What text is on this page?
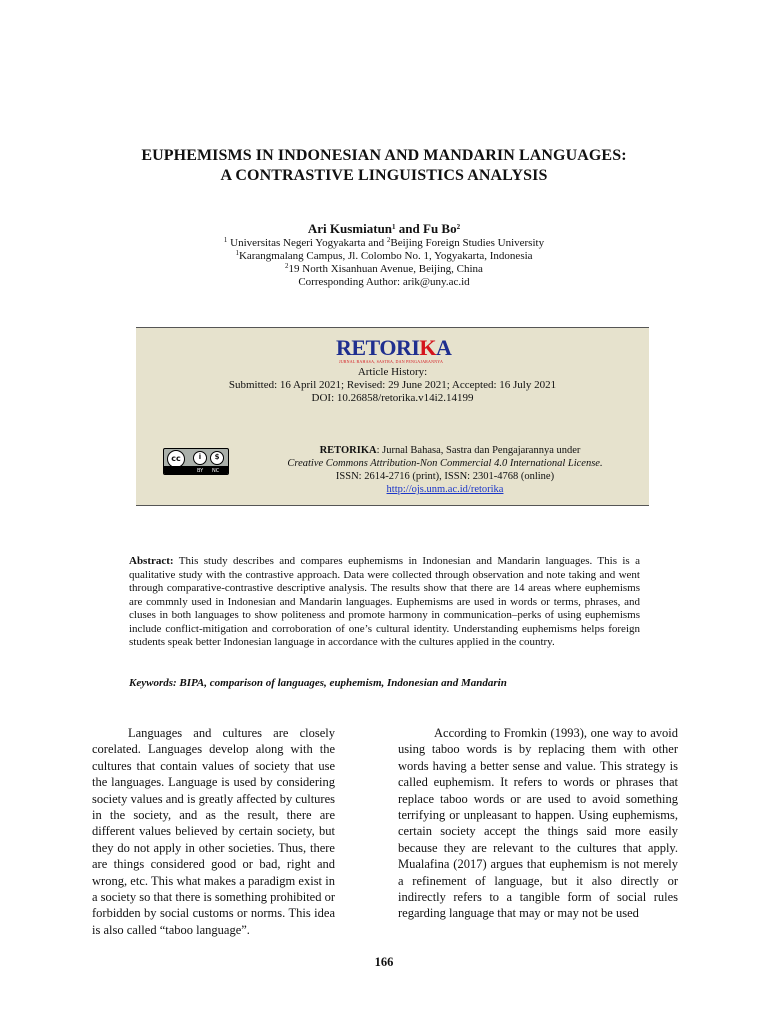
EUPHEMISMS IN INDONESIAN AND MANDARIN LANGUAGES:
A CONTRASTIVE LINGUISTICS ANALYSIS
Ari Kusmiatun$^1$ and Fu Bo$^2$
$^1$ Universitas Negeri Yogyakarta and $^2$Beijing Foreign Studies University
$^1$Karangmalang Campus, Jl. Colombo No. 1, Yogyakarta, Indonesia
$^2$19 North Xisanhuan Avenue, Beijing, China
Corresponding Author: arik@uny.ac.id
RETORIKA
JURNAL BAHASA, SASTRA, DAN PENGAJARANNYA
Article History:
Submitted: 16 April 2021; Revised: 29 June 2021; Accepted: 16 July 2021
DOI: 10.26858/retorika.v14i2.14199
cc	i	$
BY NC
RETORIKA: Jurnal Bahasa, Sastra dan Pengajarannya under
Creative Commons Attribution-Non Commercial 4.0 International License.
ISSN: 2614-2716 (print), ISSN: 2301-4768 (online)
http://ojs.unm.ac.id/retorika
Abstract: This study describes and compares euphemisms in Indonesian and Mandarin languages. This is a qualitative study with the contrastive approach. Data were collected through observation and note taking and went through comparative-contrastive descriptive analysis. The results show that there are 14 areas where euphemisms are commnly used in Indonesian and Mandarin languages. Euphemisms are used in words or terms, phrases, and cluses in both languages to show politeness and promote harmony in communication–perks of using euphemisms include conflict-mitigation and corroboration of one’s cultural identity. Understanding euphemisms helps foreign students speak better Indonesian language in accordance with the cultures applied in the country.
Keywords: BIPA, comparison of languages, euphemism, Indonesian and Mandarin

Languages and cultures are closely corelated. Languages develop along with the cultures that contain values of society that use the languages. Language is used by considering society values and is greatly affected by cultures in the society, and as the result, there are different values believed by certain society, but they do not apply in other societies. Thus, there are things considered good or bad, right and wrong, etc. This what makes a paradigm exist in a society so that there is something prohibited or forbidden by social customs or norms. This idea is also called “taboo language”.

According to Fromkin (1993), one way to avoid using taboo words is by replacing them with other words having a better sense and value. This strategy is called euphemism. It refers to words or phrases that replace taboo words or are used to avoid something terrifying or unpleasant to happen. Using euphemisms, certain society accept the things said more easily because they are relevant to the cultures that apply. Mualafina (2017) argues that euphemism is not merely a refinement of language, but it also directly or indirectly refers to a tangible form of social rules regarding language that may or may not be used

166
